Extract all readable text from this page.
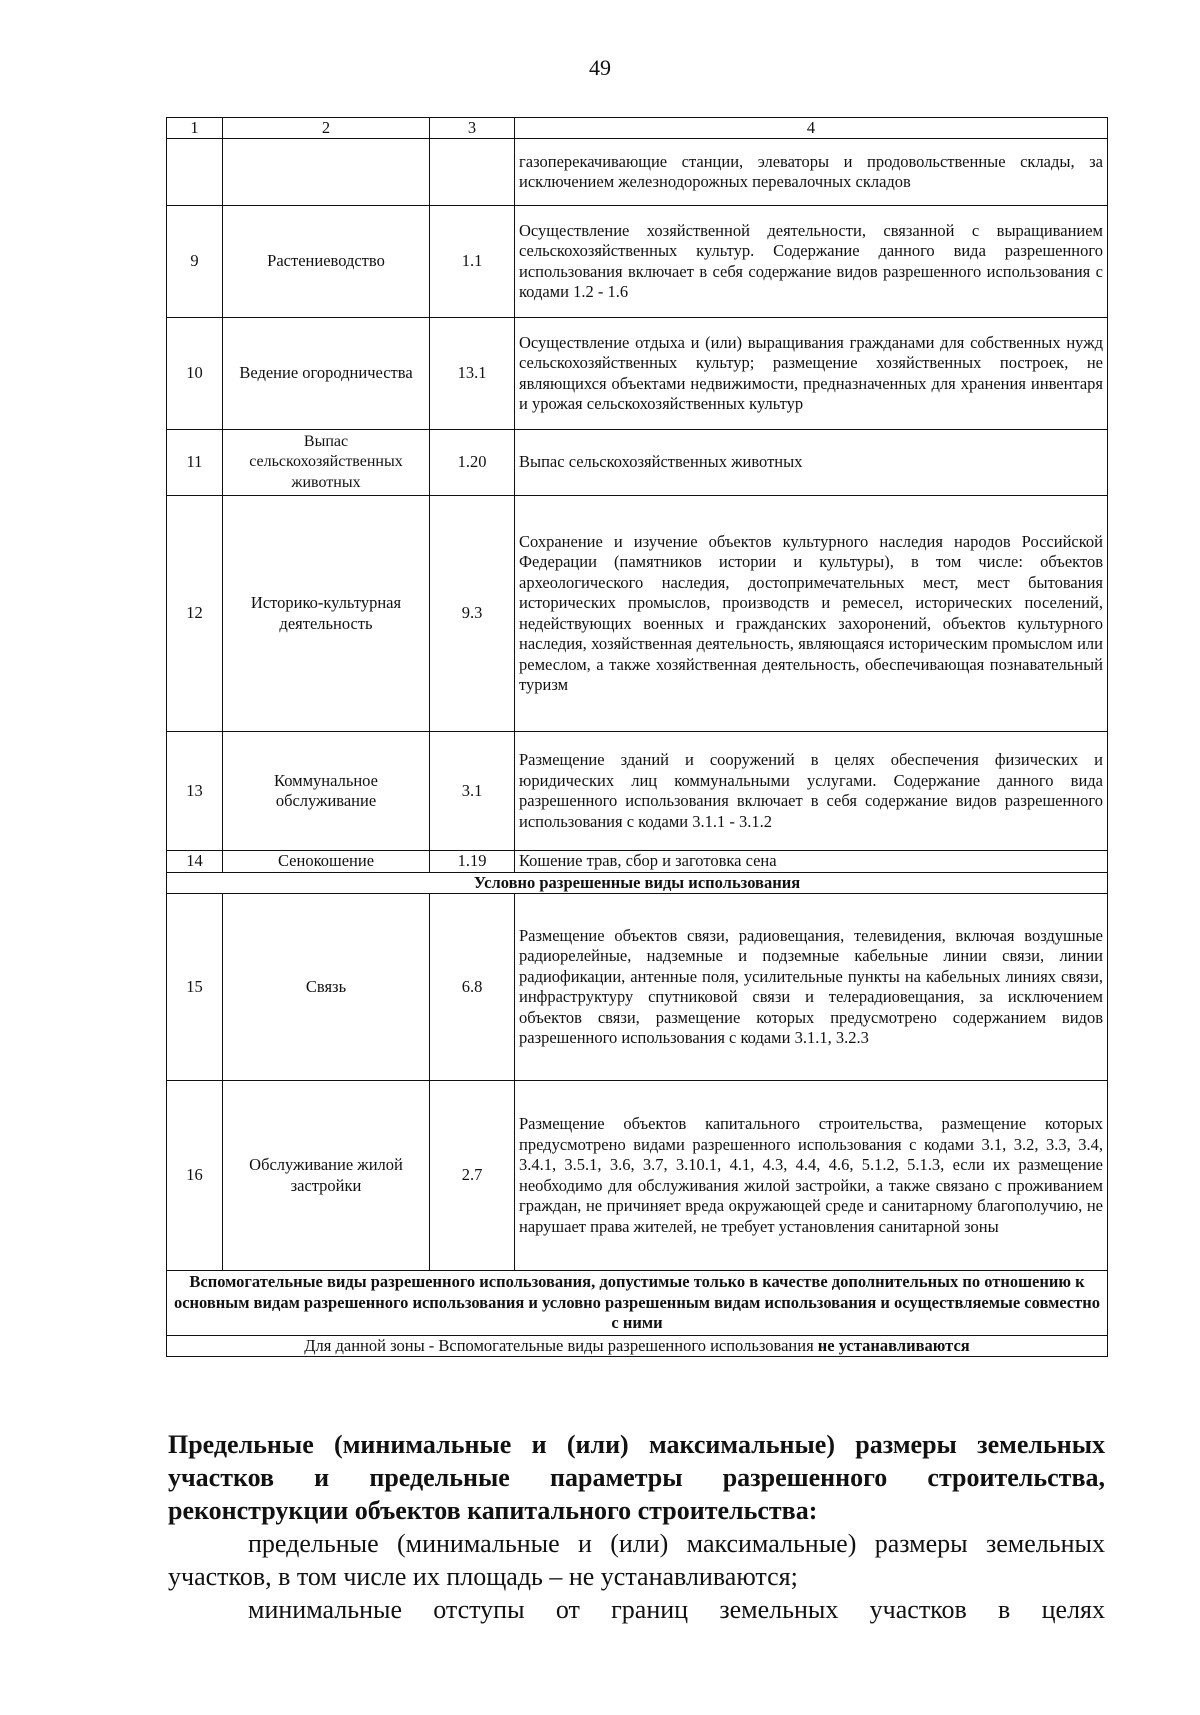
49
1	2	3	4
			газоперекачивающие станции, элеваторы и продовольственные склады, за исключением железнодорожных перевалочных складов
9	Растениеводство	1.1	Осуществление хозяйственной деятельности, связанной с выращиванием сельскохозяйственных культур. Содержание данного вида разрешенного использования включает в себя содержание видов разрешенного использования с кодами 1.2 - 1.6
10	Ведение огородничества	13.1	Осуществление отдыха и (или) выращивания гражданами для собственных нужд сельскохозяйственных культур; размещение хозяйственных построек, не являющихся объектами недвижимости, предназначенных для хранения инвентаря и урожая сельскохозяйственных культур
11	Выпас сельскохозяйственных животных	1.20	Выпас сельскохозяйственных животных
12	Историко-культурная деятельность	9.3	Сохранение и изучение объектов культурного наследия народов Российской Федерации (памятников истории и культуры), в том числе: объектов археологического наследия, достопримечательных мест, мест бытования исторических промыслов, производств и ремесел, исторических поселений, недействующих военных и гражданских захоронений, объектов культурного наследия, хозяйственная деятельность, являющаяся историческим промыслом или ремеслом, а также хозяйственная деятельность, обеспечивающая познавательный туризм
13	Коммунальное обслуживание	3.1	Размещение зданий и сооружений в целях обеспечения физических и юридических лиц коммунальными услугами. Содержание данного вида разрешенного использования включает в себя содержание видов разрешенного использования с кодами 3.1.1 - 3.1.2
14	Сенокошение	1.19	Кошение трав, сбор и заготовка сена
Условно разрешенные виды использования			
15	Связь	6.8	Размещение объектов связи, радиовещания, телевидения, включая воздушные радиорелейные, надземные и подземные кабельные линии связи, линии радиофикации, антенные поля, усилительные пункты на кабельных линиях связи, инфраструктуру спутниковой связи и телерадиовещания, за исключением объектов связи, размещение которых предусмотрено содержанием видов разрешенного использования с кодами 3.1.1, 3.2.3
16	Обслуживание жилой застройки	2.7	Размещение объектов капитального строительства, размещение которых предусмотрено видами разрешенного использования с кодами 3.1, 3.2, 3.3, 3.4, 3.4.1, 3.5.1, 3.6, 3.7, 3.10.1, 4.1, 4.3, 4.4, 4.6, 5.1.2, 5.1.3, если их размещение необходимо для обслуживания жилой застройки, а также связано с проживанием граждан, не причиняет вреда окружающей среде и санитарному благополучию, не нарушает права жителей, не требует установления санитарной зоны
Вспомогательные виды разрешенного использования, допустимые только в качестве дополнительных по отношению к основным видам разрешенного использования и условно разрешенным видам использования и осуществляемые совместно с ними			
Для данной зоны - Вспомогательные виды разрешенного использования не устанавливаются			

Предельные (минимальные и (или) максимальные) размеры земельных участков и предельные параметры разрешенного строительства, реконструкции объектов капитального строительства:

предельные (минимальные и (или) максимальные) размеры земельных участков, в том числе их площадь – не устанавливаются;

минимальные отступы от границ земельных участков в целях
